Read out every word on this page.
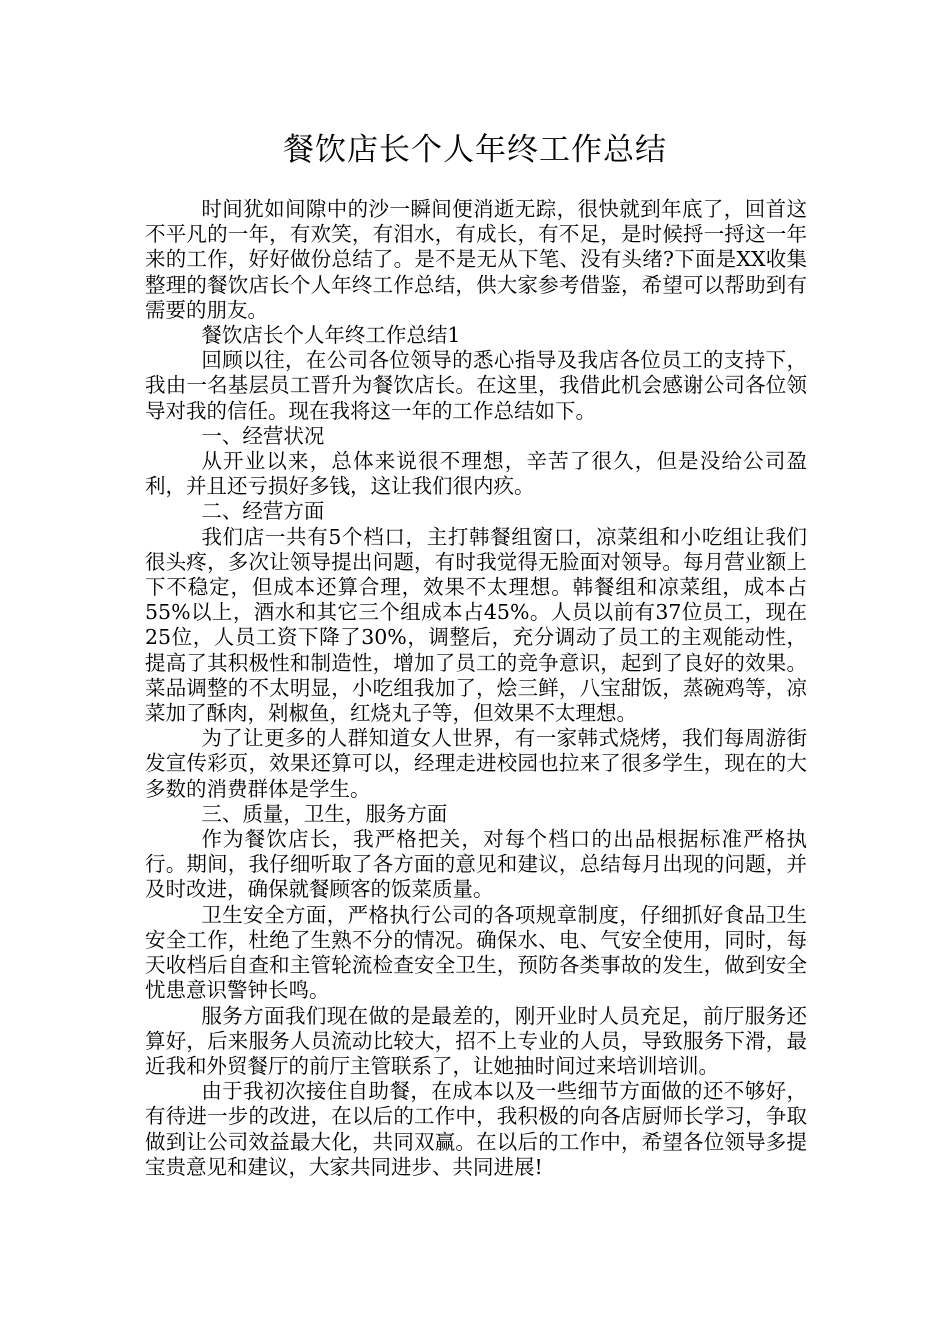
餐饮店长个人年终工作总结

时间犹如间隙中的沙一瞬间便消逝无踪，很快就到年底了，回首这不平凡的一年，有欢笑，有泪水，有成长，有不足，是时候捋一捋这一年来的工作，好好做份总结了。是不是无从下笔、没有头绪?下面是XX收集整理的餐饮店长个人年终工作总结，供大家参考借鉴，希望可以帮助到有需要的朋友。

餐饮店长个人年终工作总结1

回顾以往，在公司各位领导的悉心指导及我店各位员工的支持下，我由一名基层员工晋升为餐饮店长。在这里，我借此机会感谢公司各位领导对我的信任。现在我将这一年的工作总结如下。

一、经营状况

从开业以来，总体来说很不理想，辛苦了很久，但是没给公司盈利，并且还亏损好多钱，这让我们很内疚。

二、经营方面

我们店一共有5个档口，主打韩餐组窗口，凉菜组和小吃组让我们很头疼，多次让领导提出问题，有时我觉得无脸面对领导。每月营业额上下不稳定，但成本还算合理，效果不太理想。韩餐组和凉菜组，成本占55%以上，酒水和其它三个组成本占45%。人员以前有37位员工，现在25位，人员工资下降了30%，调整后，充分调动了员工的主观能动性，提高了其积极性和制造性，增加了员工的竞争意识，起到了良好的效果。菜品调整的不太明显，小吃组我加了，烩三鲜，八宝甜饭，蒸碗鸡等，凉菜加了酥肉，剁椒鱼，红烧丸子等，但效果不太理想。

为了让更多的人群知道女人世界，有一家韩式烧烤，我们每周游街发宣传彩页，效果还算可以，经理走进校园也拉来了很多学生，现在的大多数的消费群体是学生。

三、质量，卫生，服务方面

作为餐饮店长，我严格把关，对每个档口的出品根据标准严格执行。期间，我仔细听取了各方面的意见和建议，总结每月出现的问题，并及时改进，确保就餐顾客的饭菜质量。

卫生安全方面，严格执行公司的各项规章制度，仔细抓好食品卫生安全工作，杜绝了生熟不分的情况。确保水、电、气安全使用，同时，每天收档后自查和主管轮流检查安全卫生，预防各类事故的发生，做到安全忧患意识警钟长鸣。

服务方面我们现在做的是最差的，刚开业时人员充足，前厅服务还算好，后来服务人员流动比较大，招不上专业的人员，导致服务下滑，最近我和外贸餐厅的前厅主管联系了，让她抽时间过来培训培训。

由于我初次接住自助餐，在成本以及一些细节方面做的还不够好，有待进一步的改进，在以后的工作中，我积极的向各店厨师长学习，争取做到让公司效益最大化，共同双赢。在以后的工作中，希望各位领导多提宝贵意见和建议，大家共同进步、共同进展!
